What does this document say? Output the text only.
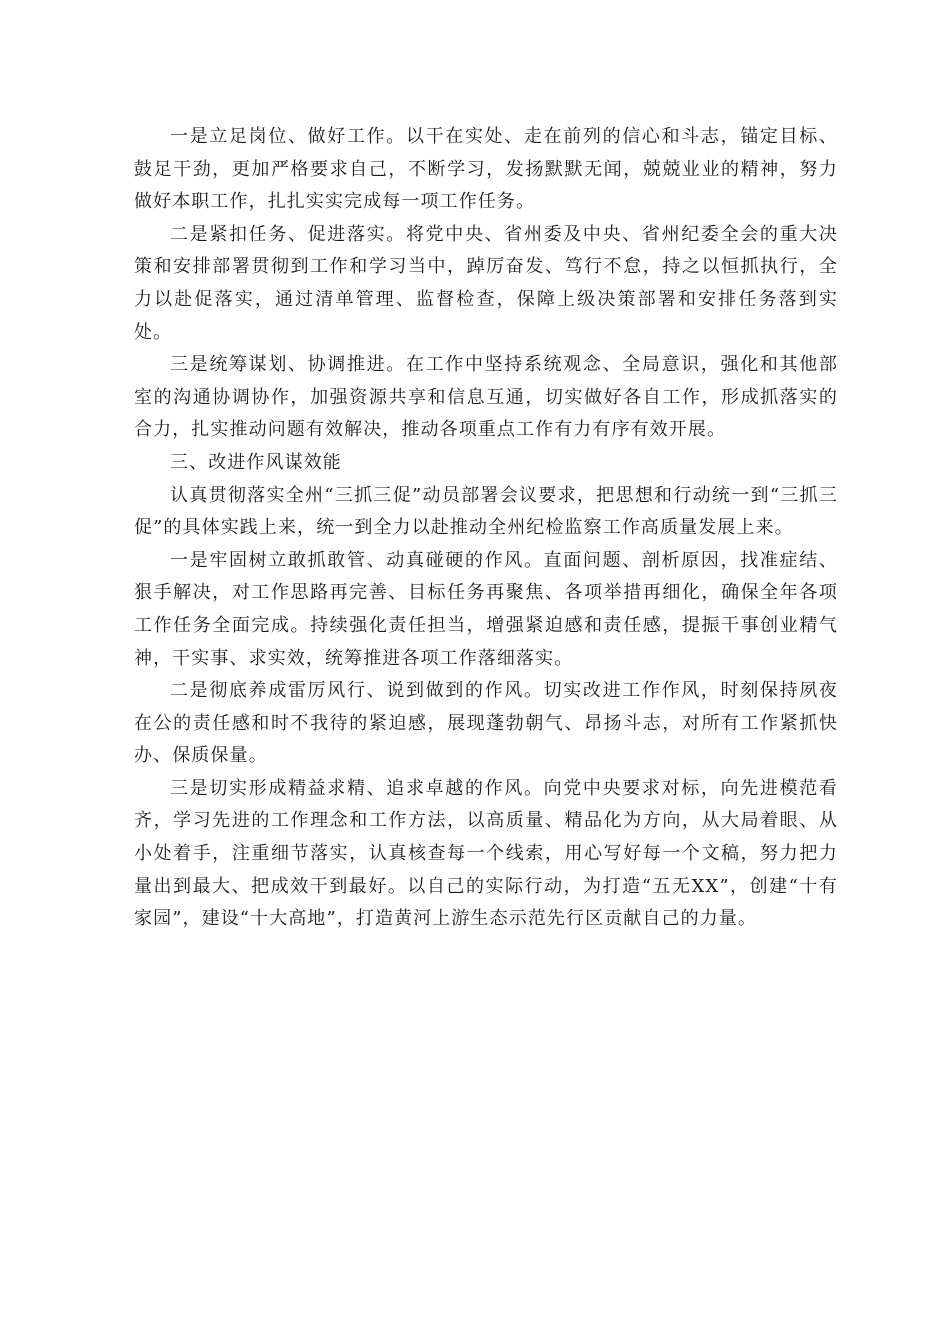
一是立足岗位、做好工作。以干在实处、走在前列的信心和斗志，锚定目标、鼓足干劲，更加严格要求自己，不断学习，发扬默默无闻，兢兢业业的精神，努力做好本职工作，扎扎实实完成每一项工作任务。

二是紧扣任务、促进落实。将党中央、省州委及中央、省州纪委全会的重大决策和安排部署贯彻到工作和学习当中，踔厉奋发、笃行不怠，持之以恒抓执行，全力以赴促落实，通过清单管理、监督检查，保障上级决策部署和安排任务落到实处。

三是统筹谋划、协调推进。在工作中坚持系统观念、全局意识，强化和其他部室的沟通协调协作，加强资源共享和信息互通，切实做好各自工作，形成抓落实的合力，扎实推动问题有效解决，推动各项重点工作有力有序有效开展。

三、改进作风谋效能

认真贯彻落实全州“三抓三促”动员部署会议要求，把思想和行动统一到“三抓三促”的具体实践上来，统一到全力以赴推动全州纪检监察工作高质量发展上来。

一是牢固树立敢抓敢管、动真碰硬的作风。直面问题、剖析原因，找准症结、狠手解决，对工作思路再完善、目标任务再聚焦、各项举措再细化，确保全年各项工作任务全面完成。持续强化责任担当，增强紧迫感和责任感，提振干事创业精气神，干实事、求实效，统筹推进各项工作落细落实。

二是彻底养成雷厉风行、说到做到的作风。切实改进工作作风，时刻保持夙夜在公的责任感和时不我待的紧迫感，展现蓬勃朝气、昂扬斗志，对所有工作紧抓快办、保质保量。

三是切实形成精益求精、追求卓越的作风。向党中央要求对标，向先进模范看齐，学习先进的工作理念和工作方法，以高质量、精品化为方向，从大局着眼、从小处着手，注重细节落实，认真核查每一个线索，用心写好每一个文稿，努力把力量出到最大、把成效干到最好。以自己的实际行动，为打造“五无XX”，创建“十有家园”，建设“十大高地”，打造黄河上游生态示范先行区贡献自己的力量。
